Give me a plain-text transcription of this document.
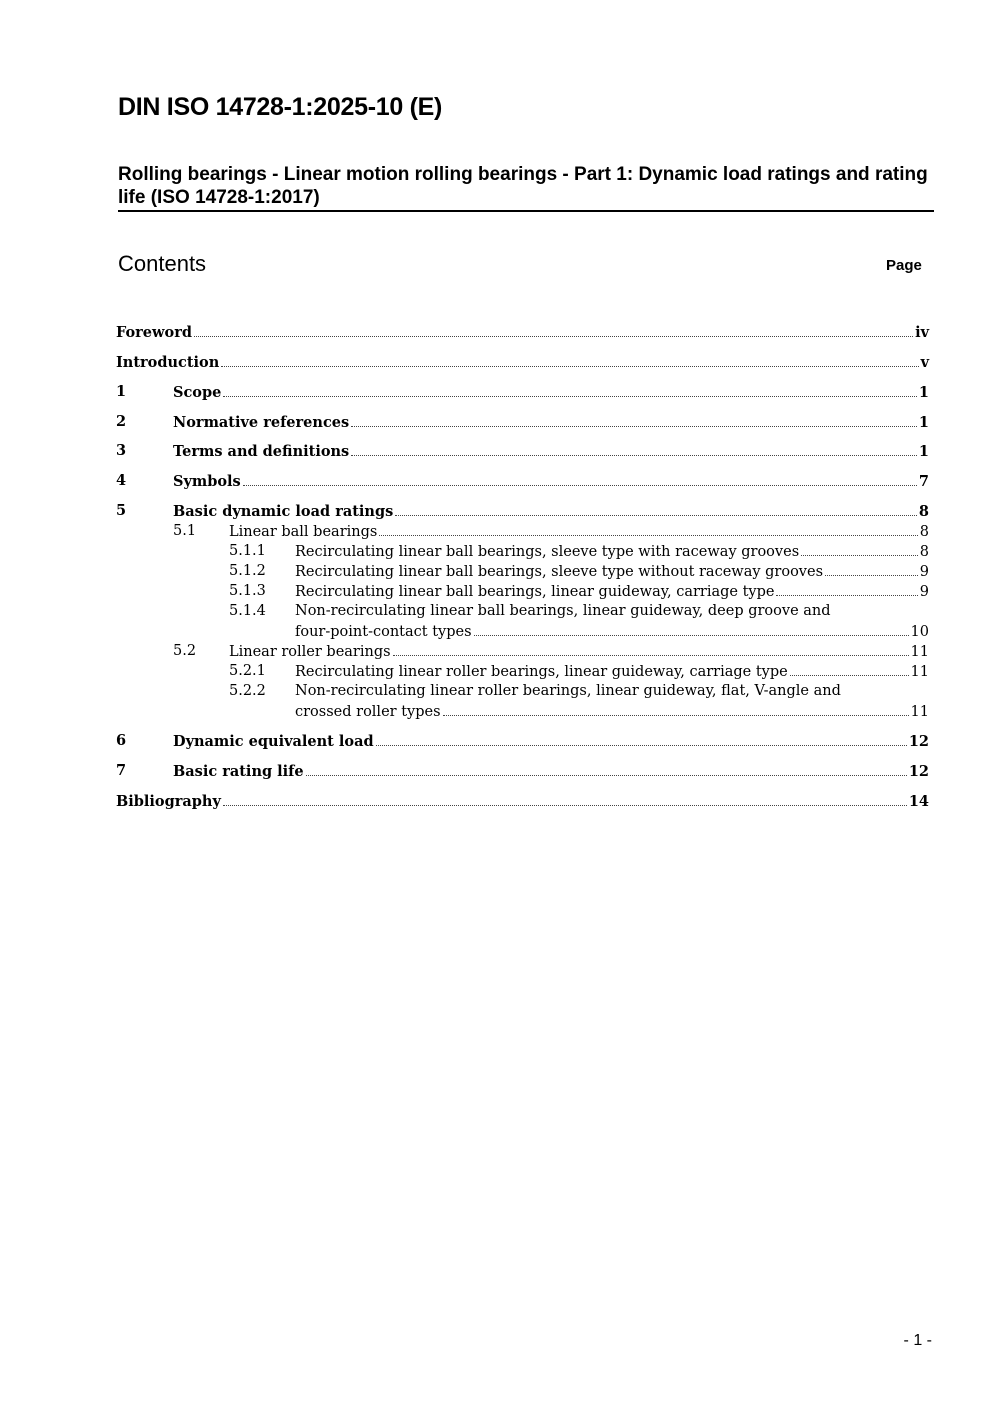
DIN ISO 14728-1:2025-10 (E)
Rolling bearings - Linear motion rolling bearings - Part 1: Dynamic load ratings and rating life (ISO 14728-1:2017)
Contents	Page
Foreword	iv
Introduction	v
1	Scope	1
2	Normative references	1
3	Terms and definitions	1
4	Symbols	7
5	Basic dynamic load ratings	8
5.1 Linear ball bearings	8
5.1.1 Recirculating linear ball bearings, sleeve type with raceway grooves	8
5.1.2 Recirculating linear ball bearings, sleeve type without raceway grooves	9
5.1.3 Recirculating linear ball bearings, linear guideway, carriage type	9
5.1.4 Non-recirculating linear ball bearings, linear guideway, deep groove and
four-point-contact types	10
5.2 Linear roller bearings	11
5.2.1 Recirculating linear roller bearings, linear guideway, carriage type	11
5.2.2 Non-recirculating linear roller bearings, linear guideway, flat, V-angle and
crossed roller types	11
6	Dynamic equivalent load	12
7	Basic rating life	12
Bibliography	14
- 1 -
